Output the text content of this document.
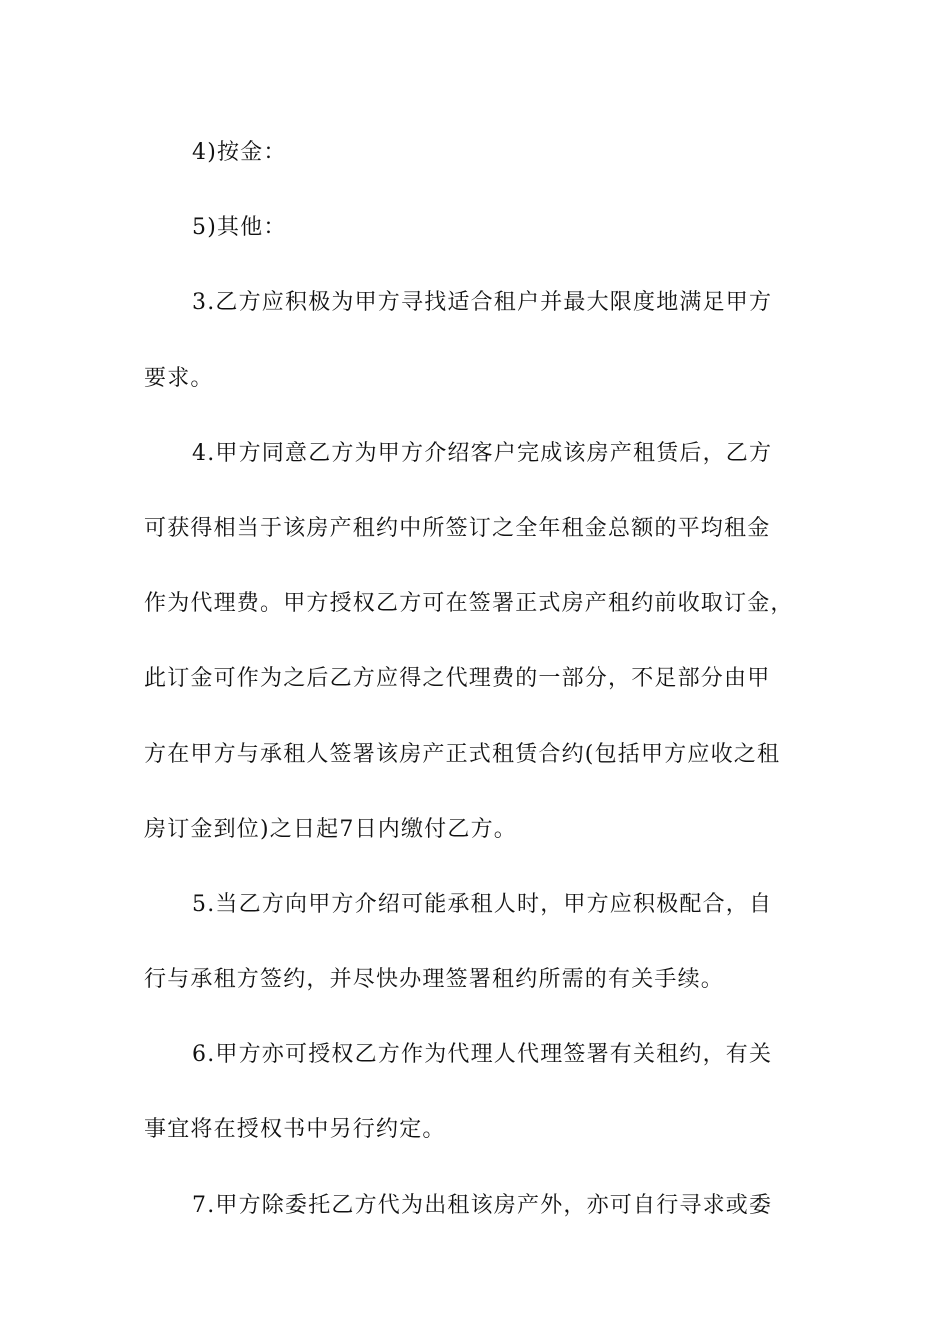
4)按金：
5)其他：
3.乙方应积极为甲方寻找适合租户并最大限度地满足甲方
要求。
4.甲方同意乙方为甲方介绍客户完成该房产租赁后，乙方
可获得相当于该房产租约中所签订之全年租金总额的平均租金
作为代理费。甲方授权乙方可在签署正式房产租约前收取订金，
此订金可作为之后乙方应得之代理费的一部分，不足部分由甲
方在甲方与承租人签署该房产正式租赁合约(包括甲方应收之租
房订金到位)之日起7日内缴付乙方。
5.当乙方向甲方介绍可能承租人时，甲方应积极配合，自
行与承租方签约，并尽快办理签署租约所需的有关手续。
6.甲方亦可授权乙方作为代理人代理签署有关租约，有关
事宜将在授权书中另行约定。
7.甲方除委托乙方代为出租该房产外，亦可自行寻求或委
